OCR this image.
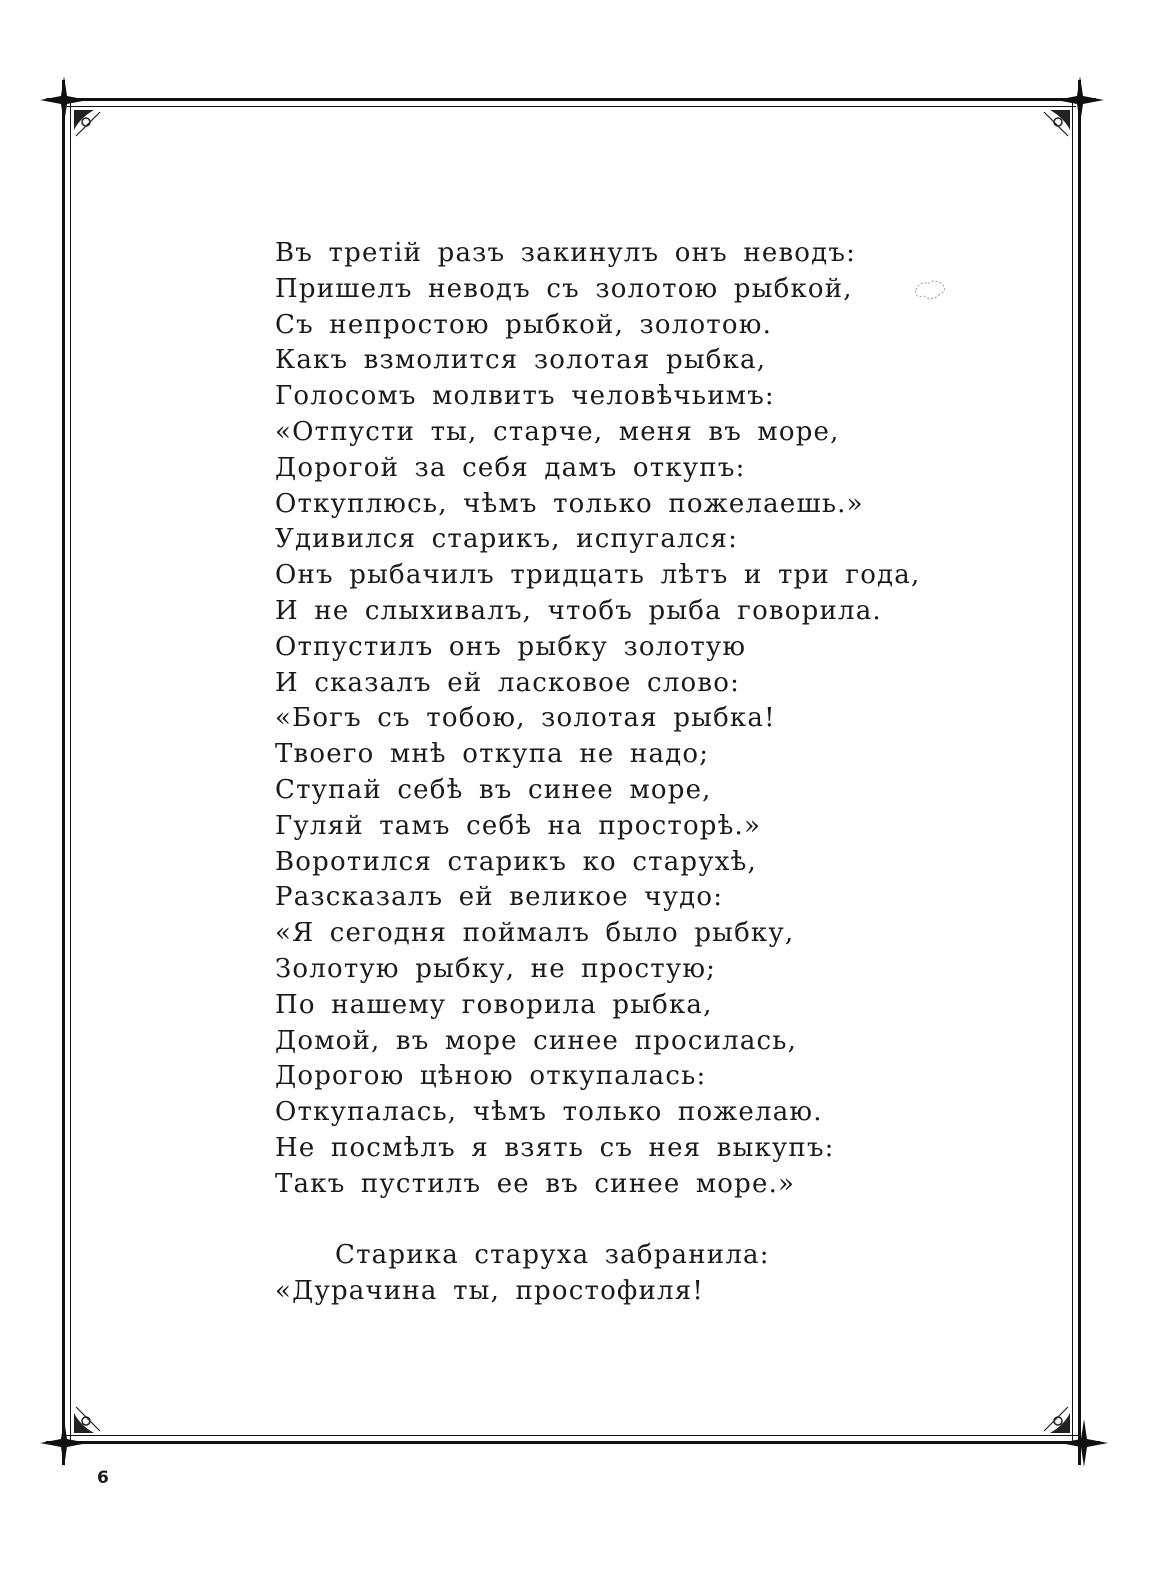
Въ третій разъ закинулъ онъ неводъ:
Пришелъ неводъ съ золотою рыбкой,
Съ непростою рыбкой, золотою.
Какъ взмолится золотая рыбка,
Голосомъ молвитъ человѣчьимъ:
«Отпусти ты, старче, меня въ море,
Дорогой за себя дамъ откупъ:
Откуплюсь, чѣмъ только пожелаешь.»
Удивился старикъ, испугался:
Онъ рыбачилъ тридцать лѣтъ и три года,
И не слыхивалъ, чтобъ рыба говорила.
Отпустилъ онъ рыбку золотую
И сказалъ ей ласковое слово:
«Богъ съ тобою, золотая рыбка!
Твоего мнѣ откупа не надо;
Ступай себѣ въ синее море,
Гуляй тамъ себѣ на просторѣ.»
Воротился старикъ ко старухѣ,
Разсказалъ ей великое чудо:
«Я сегодня поймалъ было рыбку,
Золотую рыбку, не простую;
По нашему говорила рыбка,
Домой, въ море синее просилась,
Дорогою цѣною откупалась:
Откупалась, чѣмъ только пожелаю.
Не посмѣлъ я взять съ нея выкупъ:
Такъ пустилъ ее въ синее море.»
Старика старуха забранила:
«Дурачина ты, простофиля!
6
